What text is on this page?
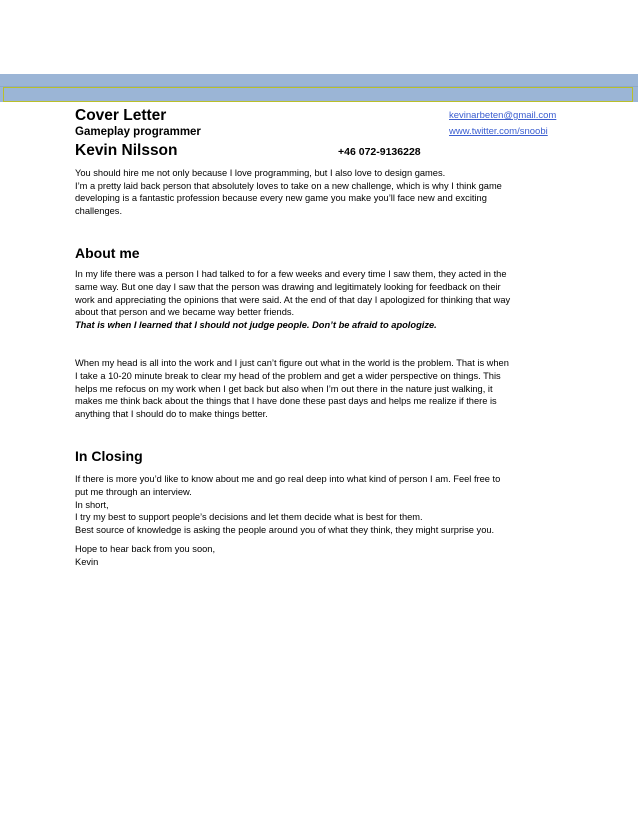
Cover Letter	kevinarbeten@gmail.com
Gameplay programmer	www.twitter.com/snoobi
Kevin Nilsson	+46 072-9136228
You should hire me not only because I love programming, but I also love to design games.
I’m a pretty laid back person that absolutely loves to take on a new challenge, which is why I think game
developing is a fantastic profession because every new game you make you’ll face new and exciting
challenges.
About me
In my life there was a person I had talked to for a few weeks and every time I saw them, they acted in the
same way. But one day I saw that the person was drawing and legitimately looking for feedback on their
work and appreciating the opinions that were said. At the end of that day I apologized for thinking that way
about that person and we became way better friends.
That is when I learned that I should not judge people. Don’t be afraid to apologize.
When my head is all into the work and I just can’t figure out what in the world is the problem. That is when
I take a 10-20 minute break to clear my head of the problem and get a wider perspective on things. This
helps me refocus on my work when I get back but also when I’m out there in the nature just walking, it
makes me think back about the things that I have done these past days and helps me realize if there is
anything that I should do to make things better.
In Closing
If there is more you’d like to know about me and go real deep into what kind of person I am. Feel free to
put me through an interview.
In short,
I try my best to support people’s decisions and let them decide what is best for them.
Best source of knowledge is asking the people around you of what they think, they might surprise you.
Hope to hear back from you soon,
Kevin
